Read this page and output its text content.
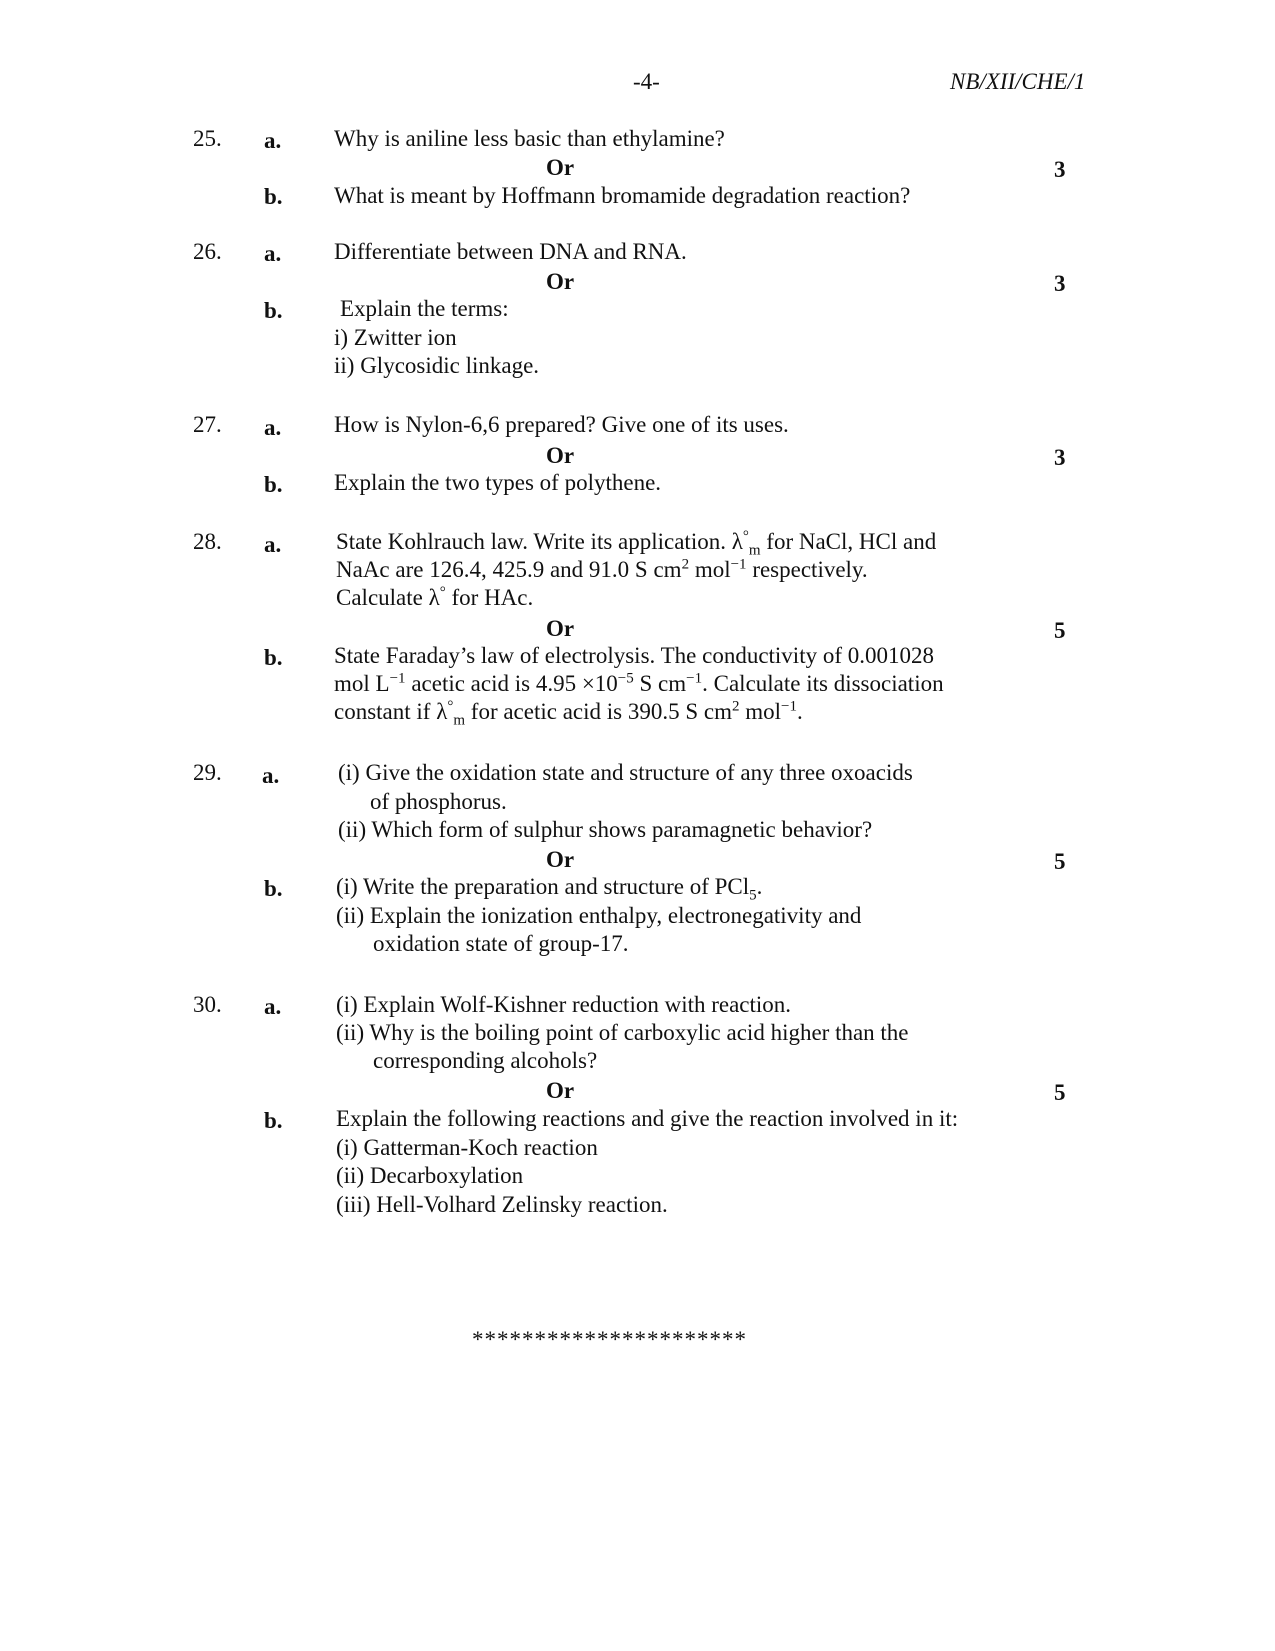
-4-	NB/XII/CHE/1
25. a. Why is aniline less basic than ethylamine?
Or	3
b. What is meant by Hoffmann bromamide degradation reaction?
26. a. Differentiate between DNA and RNA.
Or	3
b. Explain the terms:
i) Zwitter ion
ii) Glycosidic linkage.
27. a. How is Nylon-6,6 prepared? Give one of its uses.
Or	3
b. Explain the two types of polythene.
28. a. State Kohlrauch law. Write its application. $\lambda^\circ_m$ for NaCl, HCl and
NaAc are 126.4, 425.9 and 91.0 S $cm^2$ mol$^{-1}$ respectively.
Calculate λ° for HAc.
Or	5
b. State Faraday’s law of electrolysis. The conductivity of 0.001028
mol $L^{-1}$ acetic acid is $4.95 \times 10^{-5}$ S $cm^{-1}$. Calculate its dissociation
constant if $\lambda^\circ_m$ for acetic acid is 390.5 S $cm^2$ mol$^{-1}$.
29. a.	(i) Give the oxidation state and structure of any three oxoacids
of phosphorus.
(ii) Which form of sulphur shows paramagnetic behavior?
Or	5
b. (i) Write the preparation and structure of PCl$_5$.
(ii) Explain the ionization enthalpy, electronegativity and
oxidation state of group-17.
30. a. (i) Explain Wolf-Kishner reduction with reaction.
(ii) Why is the boiling point of carboxylic acid higher than the
corresponding alcohols?
Or	5
b. Explain the following reactions and give the reaction involved in it:
(i) Gatterman-Koch reaction
(ii) Decarboxylation
(iii) Hell-Volhard Zelinsky reaction.
**********************
